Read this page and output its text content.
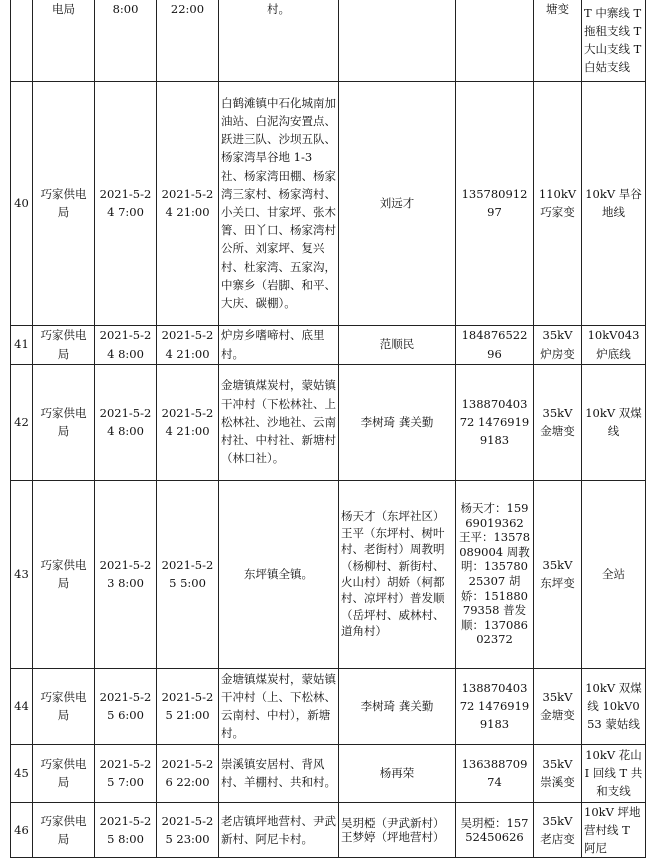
	电局	8:00	22:00	村。			塘变	T 中寨线 T 拖租支线 T 大山支线 T 白姑支线
40	巧家供电局	2021-5-24 7:00	2021-5-24 21:00	白鹤滩镇中石化城南加油站、白泥沟安置点、跃进三队、沙坝五队、杨家湾旱谷地 1-3 社、杨家湾田棚、杨家湾三家村、杨家湾村、小关口、甘家坪、张木箐、田丫口、杨家湾村公所、刘家坪、复兴村、杜家湾、五家沟，中寨乡（岩脚、和平、大庆、碳棚）。	刘远才	13578091297	110kV 巧家变	10kV 旱谷地线
41	巧家供电局	2021-5-24 8:00	2021-5-24 21:00	炉房乡嗜啼村、底里村。	范顺民	18487652296	35kV 炉房变	10kV043 炉底线
42	巧家供电局	2021-5-24 8:00	2021-5-24 21:00	金塘镇煤炭村，蒙姑镇干冲村（下松林社、上松林社、沙地社、云南村社、中村社、新塘村（林口社）。	李树琦 龚关勤	13887040372 14769199183	35kV 金塘变	10kV 双煤线
43	巧家供电局	2021-5-23 8:00	2021-5-25 5:00	东坪镇全镇。	杨天才（东坪社区）王平（东坪村、树叶村、老街村）周教明（杨柳村、新街村、火山村）胡娇（柯都村、凉坪村）普发顺（岳坪村、威林村、道角村）	杨天才：15969019362 王平：13578089004 周教明：13578025307 胡娇：15188079358 普发顺：13708602372	35kV 东坪变	全站
44	巧家供电局	2021-5-25 6:00	2021-5-25 21:00	金塘镇煤炭村，蒙姑镇干冲村（上、下松林、云南村、中村），新塘村。	李树琦 龚关勤	13887040372 14769199183	35kV 金塘变	10kV 双煤线 10kV053 蒙姑线
45	巧家供电局	2021-5-25 7:00	2021-5-26 22:00	崇溪镇安居村、背风村、羊棚村、共和村。	杨再荣	13638870974	35kV 崇溪变	10kV 花山 I 回线 T 共和支线
46	巧家供电局	2021-5-25 8:00	2021-5-25 23:00	老店镇坪地营村、尹武新村、阿尼卡村。	吴玥椏（尹武新村）王梦婷（坪地营村）	吴玥椏：15752450626	35kV 老店变	10kV 坪地营村线 T 阿尼
